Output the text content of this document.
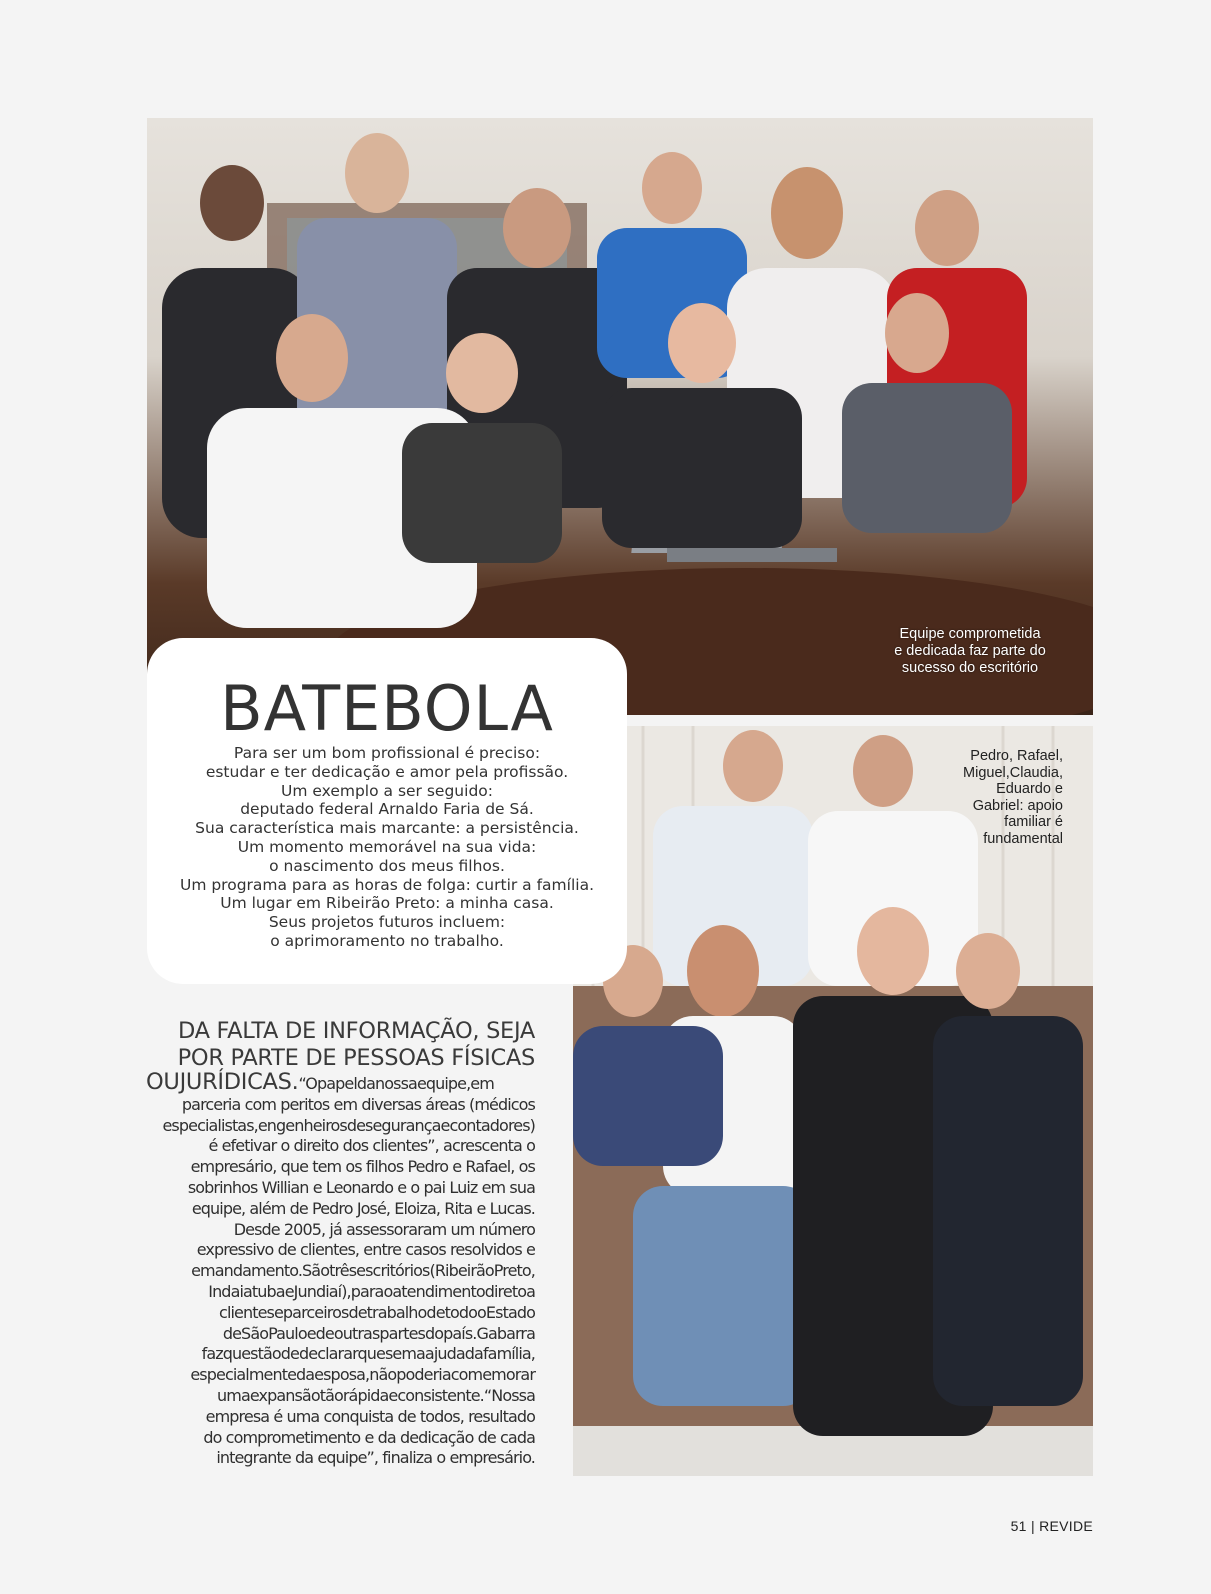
Equipe comprometida
e dedicada faz parte do
sucesso do escritório
Pedro, Rafael,
Miguel,Claudia,
Eduardo e
Gabriel: apoio
familiar é
fundamental
BATEBOLA
Para ser um bom profissional é preciso:
estudar e ter dedicação e amor pela profissão.
Um exemplo a ser seguido:
deputado federal Arnaldo Faria de Sá.
Sua característica mais marcante: a persistência.
Um momento memorável na sua vida:
o nascimento dos meus filhos.
Um programa para as horas de folga: curtir a família.
Um lugar em Ribeirão Preto: a minha casa.
Seus projetos futuros incluem:
o aprimoramento no trabalho.
DA FALTA DE INFORMAÇÃO, SEJA
POR PARTE DE PESSOAS FÍSICAS
OUJURÍDICAS.“Opapeldanossaequipe,em
parceria com peritos em diversas áreas (médicos
especialistas,engenheirosdesegurançaecontadores)
é efetivar o direito dos clientes”, acrescenta o
empresário, que tem os filhos Pedro e Rafael, os
sobrinhos Willian e Leonardo e o pai Luiz em sua
equipe, além de Pedro José, Eloiza, Rita e Lucas.
Desde 2005, já assessoraram um número
expressivo de clientes, entre casos resolvidos e
emandamento.Sãotrêsescritórios(RibeirãoPreto,
IndaiatubaeJundiaí),paraoatendimentodiretoa
clienteseparceirosdetrabalhodetodooEstado
deSãoPauloedeoutraspartesdopaís.Gabarra
fazquestãodedeclararquesemaajudadafamília,
especialmentedaesposa,nãopoderiacomemorar
umaexpansãotãorápidaeconsistente.“Nossa
empresa é uma conquista de todos, resultado
do comprometimento e da dedicação de cada
integrante da equipe”, finaliza o empresário.
51 | REVIDE
